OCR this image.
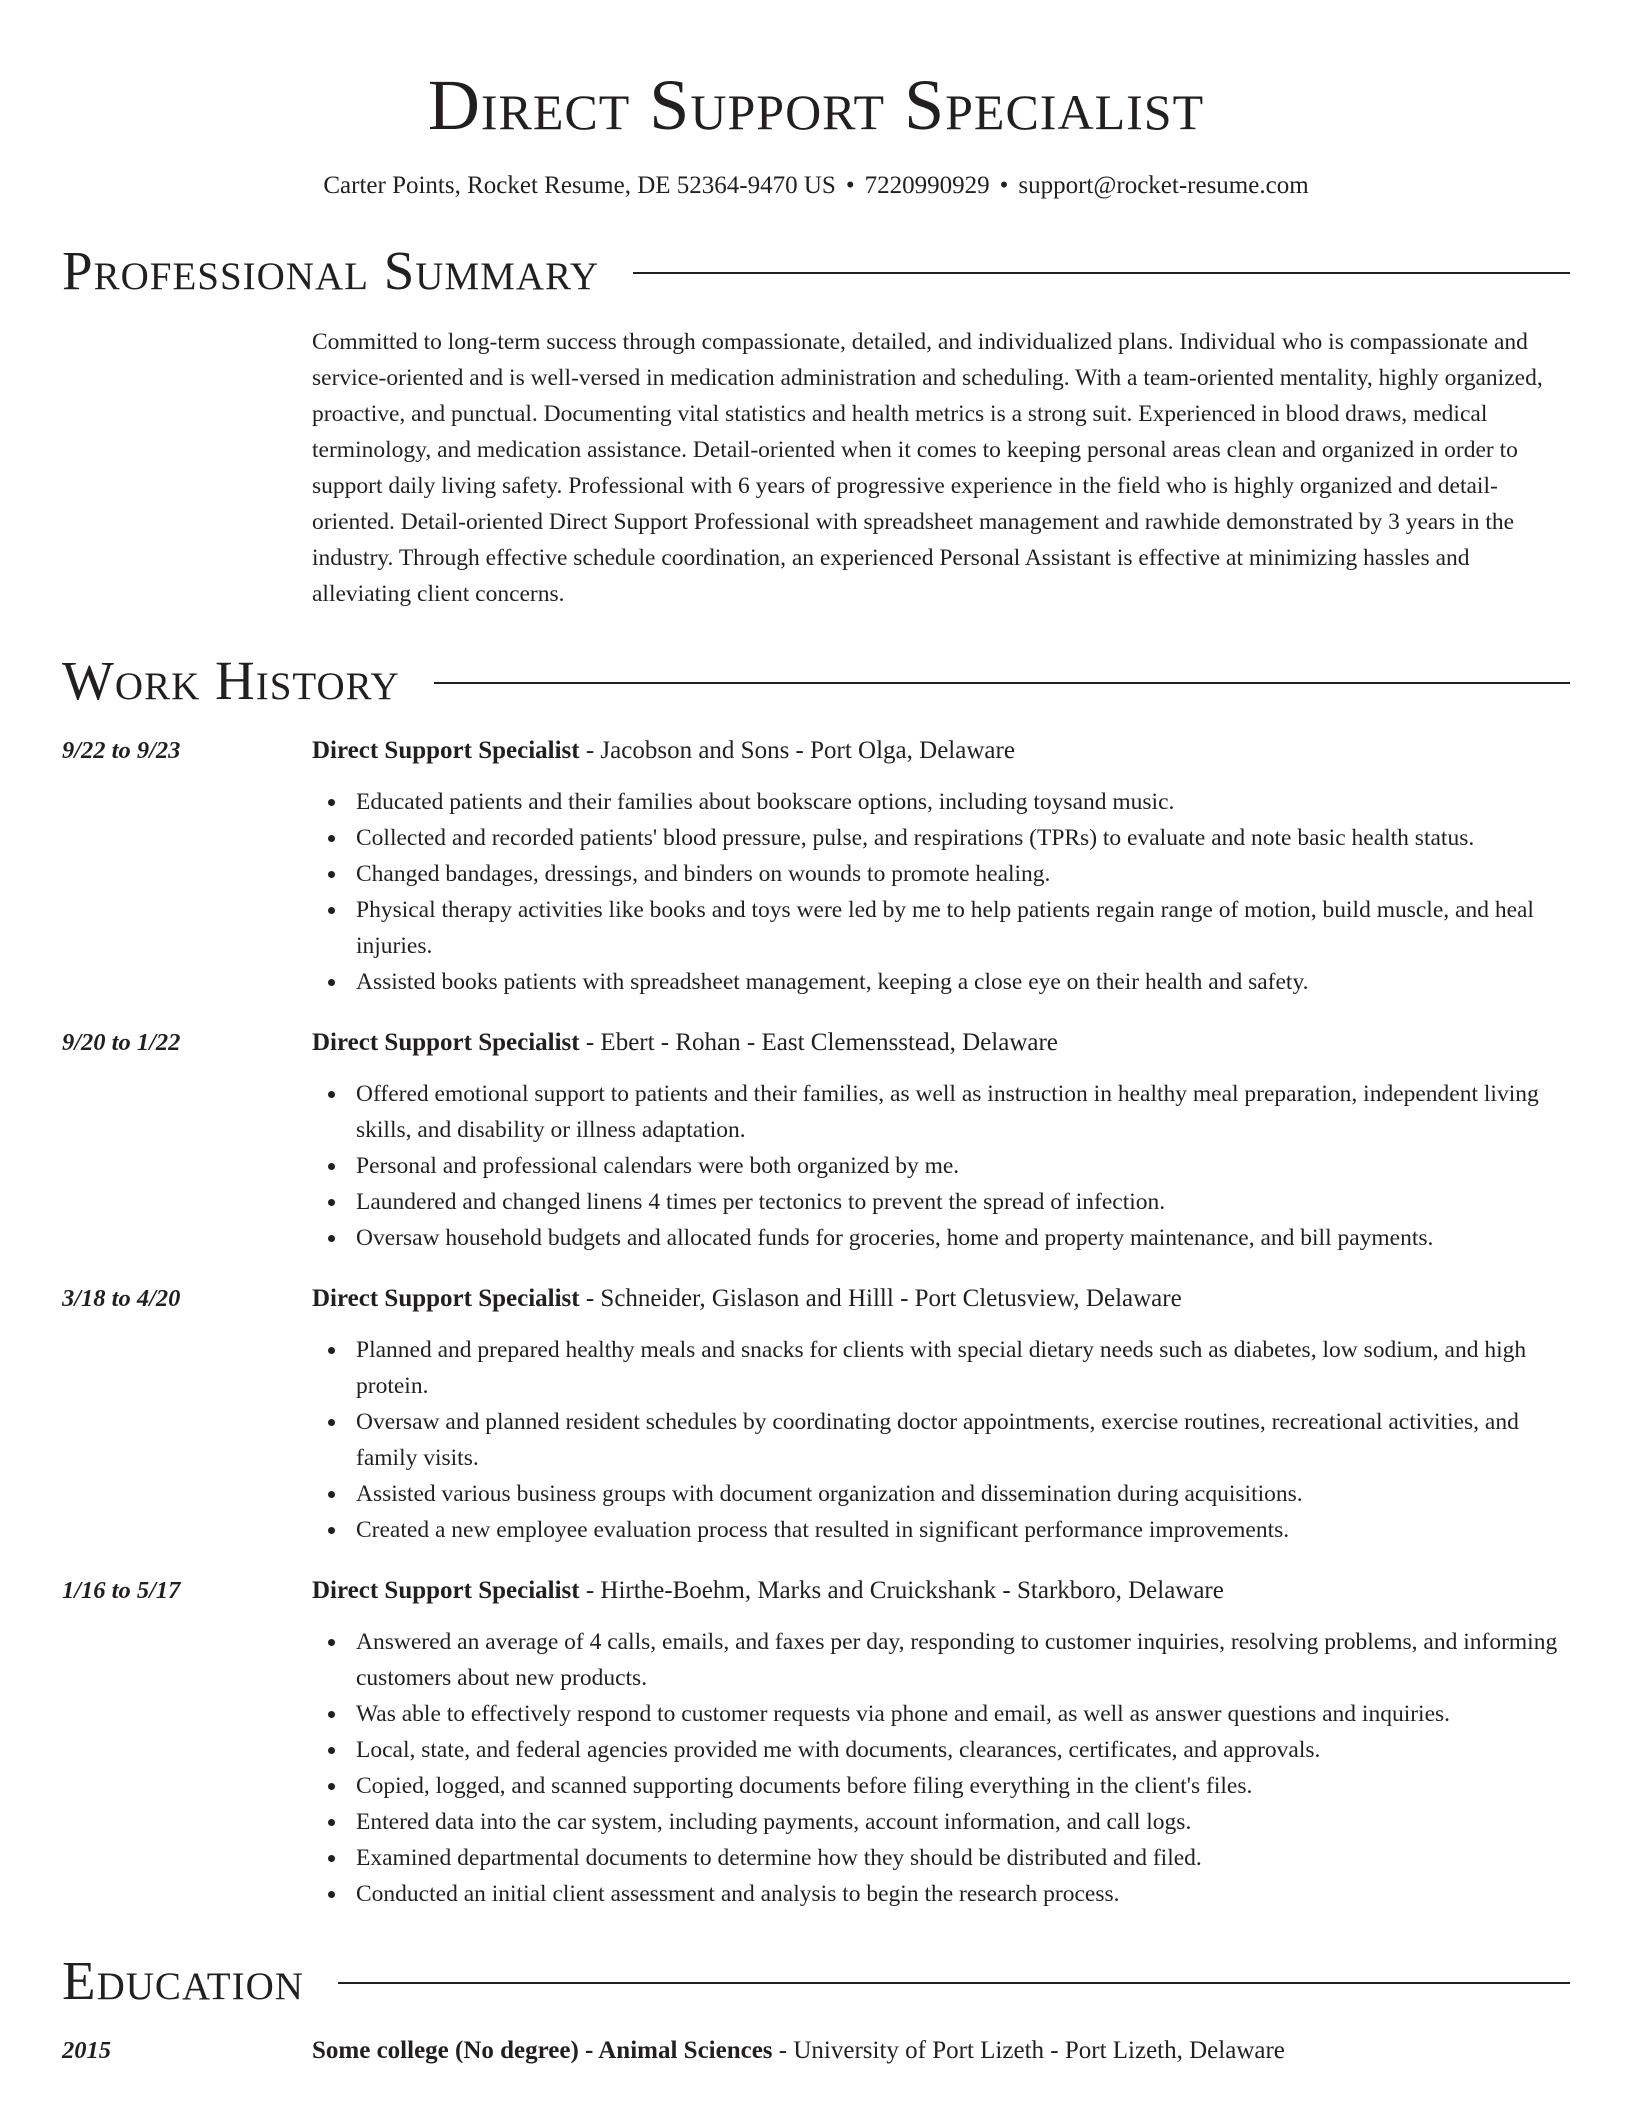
Direct Support Specialist
Carter Points, Rocket Resume, DE 52364-9470 US • 7220990929 • support@rocket-resume.com
Professional Summary

Committed to long-term success through compassionate, detailed, and individualized plans. Individual who is compassionate and service-oriented and is well-versed in medication administration and scheduling. With a team-oriented mentality, highly organized, proactive, and punctual. Documenting vital statistics and health metrics is a strong suit. Experienced in blood draws, medical terminology, and medication assistance. Detail-oriented when it comes to keeping personal areas clean and organized in order to support daily living safety. Professional with 6 years of progressive experience in the field who is highly organized and detail-oriented. Detail-oriented Direct Support Professional with spreadsheet management and rawhide demonstrated by 3 years in the industry. Through effective schedule coordination, an experienced Personal Assistant is effective at minimizing hassles and alleviating client concerns.

Work History
9/22 to 9/23	Direct Support Specialist - Jacobson and Sons - Port Olga, Delaware
Educated patients and their families about bookscare options, including toysand music.
Collected and recorded patients' blood pressure, pulse, and respirations (TPRs) to evaluate and note basic health status.
Changed bandages, dressings, and binders on wounds to promote healing.
Physical therapy activities like books and toys were led by me to help patients regain range of motion, build muscle, and heal injuries.
Assisted books patients with spreadsheet management, keeping a close eye on their health and safety.
9/20 to 1/22	Direct Support Specialist - Ebert - Rohan - East Clemensstead, Delaware
Offered emotional support to patients and their families, as well as instruction in healthy meal preparation, independent living skills, and disability or illness adaptation.
Personal and professional calendars were both organized by me.
Laundered and changed linens 4 times per tectonics to prevent the spread of infection.
Oversaw household budgets and allocated funds for groceries, home and property maintenance, and bill payments.
3/18 to 4/20	Direct Support Specialist - Schneider, Gislason and Hilll - Port Cletusview, Delaware
Planned and prepared healthy meals and snacks for clients with special dietary needs such as diabetes, low sodium, and high protein.
Oversaw and planned resident schedules by coordinating doctor appointments, exercise routines, recreational activities, and family visits.
Assisted various business groups with document organization and dissemination during acquisitions.
Created a new employee evaluation process that resulted in significant performance improvements.
1/16 to 5/17	Direct Support Specialist - Hirthe-Boehm, Marks and Cruickshank - Starkboro, Delaware
Answered an average of 4 calls, emails, and faxes per day, responding to customer inquiries, resolving problems, and informing customers about new products.
Was able to effectively respond to customer requests via phone and email, as well as answer questions and inquiries.
Local, state, and federal agencies provided me with documents, clearances, certificates, and approvals.
Copied, logged, and scanned supporting documents before filing everything in the client's files.
Entered data into the car system, including payments, account information, and call logs.
Examined departmental documents to determine how they should be distributed and filed.
Conducted an initial client assessment and analysis to begin the research process.
Education
2015	Some college (No degree) - Animal Sciences - University of Port Lizeth - Port Lizeth, Delaware
